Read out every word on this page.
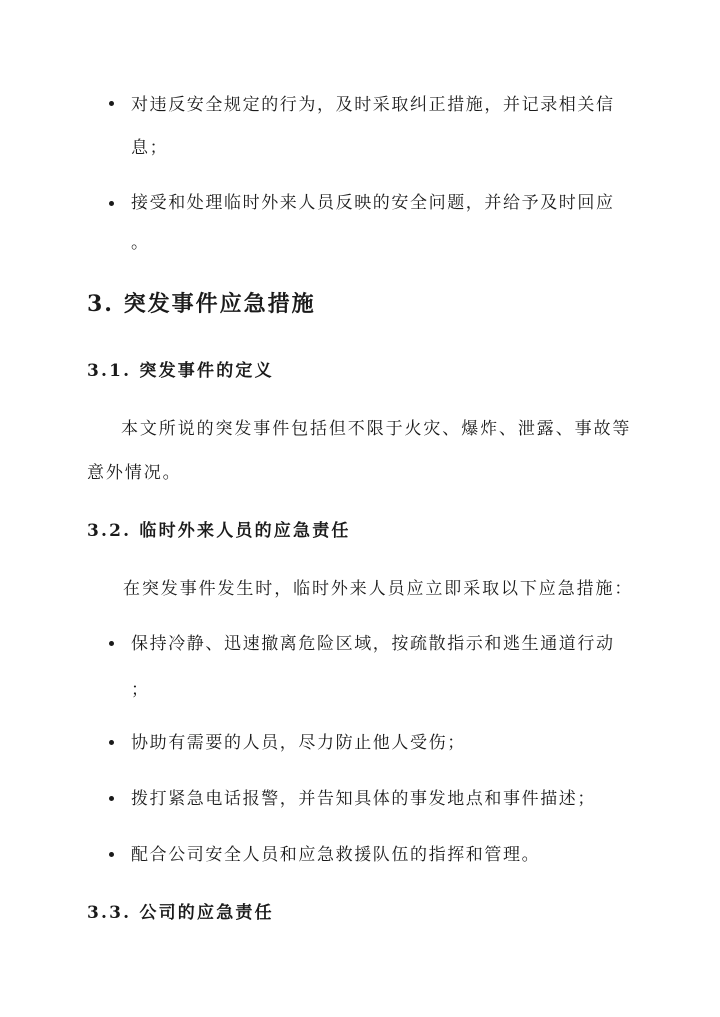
对违反安全规定的行为，及时采取纠正措施，并记录相关信
息；
接受和处理临时外来人员反映的安全问题，并给予及时回应
。
3. 突发事件应急措施
3.1. 突发事件的定义
本文所说的突发事件包括但不限于火灾、爆炸、泄露、事故等
意外情况。
3.2. 临时外来人员的应急责任
在突发事件发生时，临时外来人员应立即采取以下应急措施：
保持冷静、迅速撤离危险区域，按疏散指示和逃生通道行动
；
协助有需要的人员，尽力防止他人受伤；
拨打紧急电话报警，并告知具体的事发地点和事件描述；
配合公司安全人员和应急救援队伍的指挥和管理。
3.3. 公司的应急责任
